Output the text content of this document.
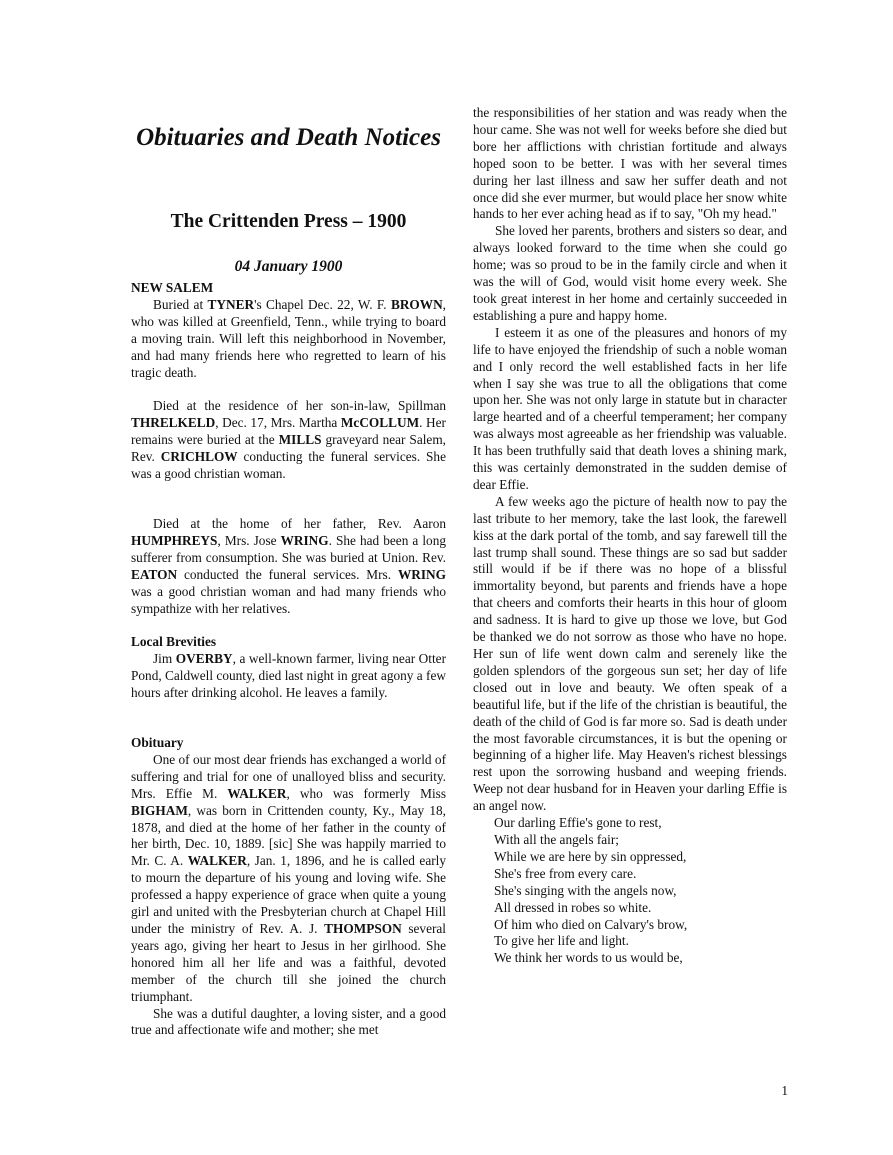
Obituaries and Death Notices
The Crittenden Press – 1900
04 January 1900
NEW SALEM

Buried at TYNER's Chapel Dec. 22, W. F. BROWN, who was killed at Greenfield, Tenn., while trying to board a moving train. Will left this neighborhood in November, and had many friends here who regretted to learn of his tragic death.

Died at the residence of her son-in-law, Spillman THRELKELD, Dec. 17, Mrs. Martha McCOLLUM. Her remains were buried at the MILLS graveyard near Salem, Rev. CRICHLOW conducting the funeral services. She was a good christian woman.

Died at the home of her father, Rev. Aaron HUMPHREYS, Mrs. Jose WRING. She had been a long sufferer from consumption. She was buried at Union. Rev. EATON conducted the funeral services. Mrs. WRING was a good christian woman and had many friends who sympathize with her relatives.

Local Brevities

Jim OVERBY, a well-known farmer, living near Otter Pond, Caldwell county, died last night in great agony a few hours after drinking alcohol. He leaves a family.

Obituary

One of our most dear friends has exchanged a world of suffering and trial for one of unalloyed bliss and security. Mrs. Effie M. WALKER, who was formerly Miss BIGHAM, was born in Crittenden county, Ky., May 18, 1878, and died at the home of her father in the county of her birth, Dec. 10, 1889. [sic] She was happily married to Mr. C. A. WALKER, Jan. 1, 1896, and he is called early to mourn the departure of his young and loving wife. She professed a happy experience of grace when quite a young girl and united with the Presbyterian church at Chapel Hill under the ministry of Rev. A. J. THOMPSON several years ago, giving her heart to Jesus in her girlhood. She honored him all her life and was a faithful, devoted member of the church till she joined the church triumphant.

She was a dutiful daughter, a loving sister, and a good true and affectionate wife and mother; she met

the responsibilities of her station and was ready when the hour came. She was not well for weeks before she died but bore her afflictions with christian fortitude and always hoped soon to be better. I was with her several times during her last illness and saw her suffer death and not once did she ever murmer, but would place her snow white hands to her ever aching head as if to say, "Oh my head."

She loved her parents, brothers and sisters so dear, and always looked forward to the time when she could go home; was so proud to be in the family circle and when it was the will of God, would visit home every week. She took great interest in her home and certainly succeeded in establishing a pure and happy home.

I esteem it as one of the pleasures and honors of my life to have enjoyed the friendship of such a noble woman and I only record the well established facts in her life when I say she was true to all the obligations that come upon her. She was not only large in statute but in character large hearted and of a cheerful temperament; her company was always most agreeable as her friendship was valuable. It has been truthfully said that death loves a shining mark, this was certainly demonstrated in the sudden demise of dear Effie.

A few weeks ago the picture of health now to pay the last tribute to her memory, take the last look, the farewell kiss at the dark portal of the tomb, and say farewell till the last trump shall sound. These things are so sad but sadder still would if be if there was no hope of a blissful immortality beyond, but parents and friends have a hope that cheers and comforts their hearts in this hour of gloom and sadness. It is hard to give up those we love, but God be thanked we do not sorrow as those who have no hope. Her sun of life went down calm and serenely like the golden splendors of the gorgeous sun set; her day of life closed out in love and beauty. We often speak of a beautiful life, but if the life of the christian is beautiful, the death of the child of God is far more so. Sad is death under the most favorable circumstances, it is but the opening or beginning of a higher life. May Heaven's richest blessings rest upon the sorrowing husband and weeping friends. Weep not dear husband for in Heaven your darling Effie is an angel now.

Our darling Effie's gone to rest,
With all the angels fair;
While we are here by sin oppressed,
She's free from every care.
She's singing with the angels now,
All dressed in robes so white.
Of him who died on Calvary's brow,
To give her life and light.
We think her words to us would be,
1
